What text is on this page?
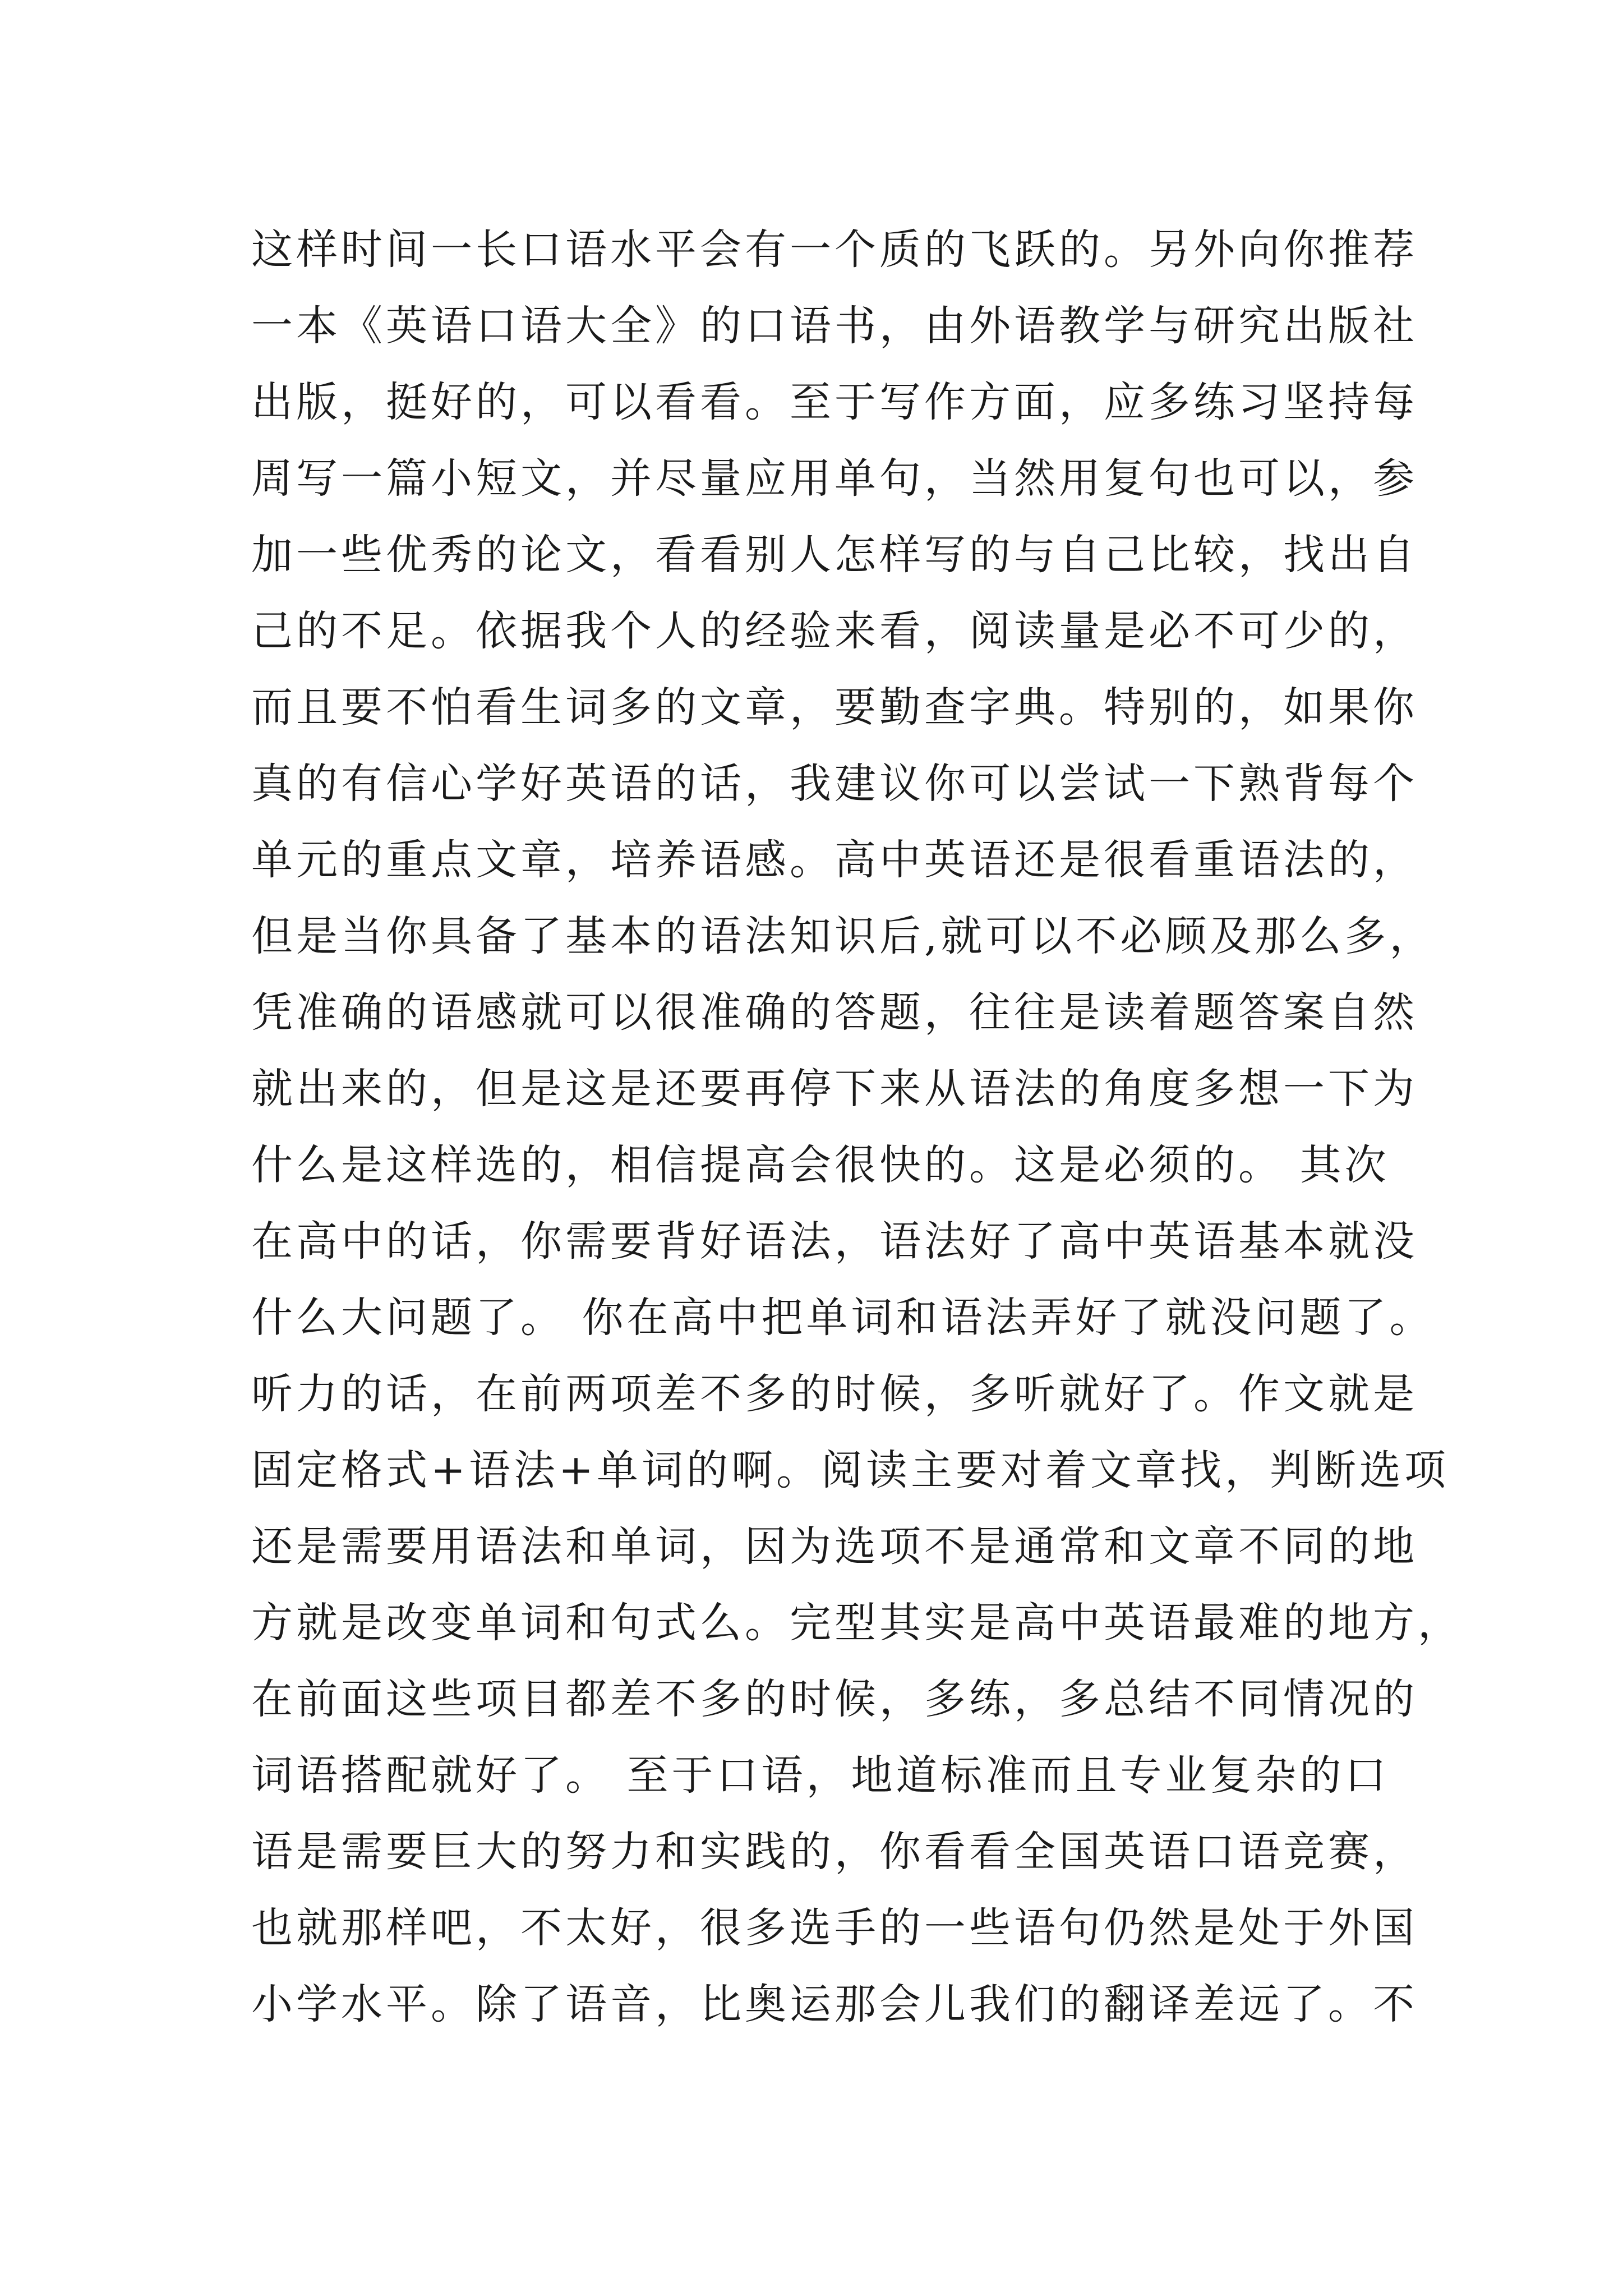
这样时间一长口语水平会有一个质的飞跃的。另外向你推荐
一本《英语口语大全》的口语书，由外语教学与研究出版社
出版，挺好的，可以看看。至于写作方面，应多练习坚持每
周写一篇小短文，并尽量应用单句，当然用复句也可以，参
加一些优秀的论文，看看别人怎样写的与自己比较，找出自
己的不足。依据我个人的经验来看，阅读量是必不可少的，
而且要不怕看生词多的文章，要勤查字典。特别的，如果你
真的有信心学好英语的话，我建议你可以尝试一下熟背每个
单元的重点文章，培养语感。高中英语还是很看重语法的，
但是当你具备了基本的语法知识后,就可以不必顾及那么多，
凭准确的语感就可以很准确的答题，往往是读着题答案自然
就出来的，但是这是还要再停下来从语法的角度多想一下为
什么是这样选的，相信提高会很快的。这是必须的。 其次
在高中的话，你需要背好语法，语法好了高中英语基本就没
什么大问题了。 你在高中把单词和语法弄好了就没问题了。
听力的话，在前两项差不多的时候，多听就好了。作文就是
固定格式+语法+单词的啊。阅读主要对着文章找，判断选项
还是需要用语法和单词，因为选项不是通常和文章不同的地
方就是改变单词和句式么。完型其实是高中英语最难的地方，
在前面这些项目都差不多的时候，多练，多总结不同情况的
词语搭配就好了。 至于口语，地道标准而且专业复杂的口
语是需要巨大的努力和实践的，你看看全国英语口语竞赛，
也就那样吧，不太好，很多选手的一些语句仍然是处于外国
小学水平。除了语音，比奥运那会儿我们的翻译差远了。不
